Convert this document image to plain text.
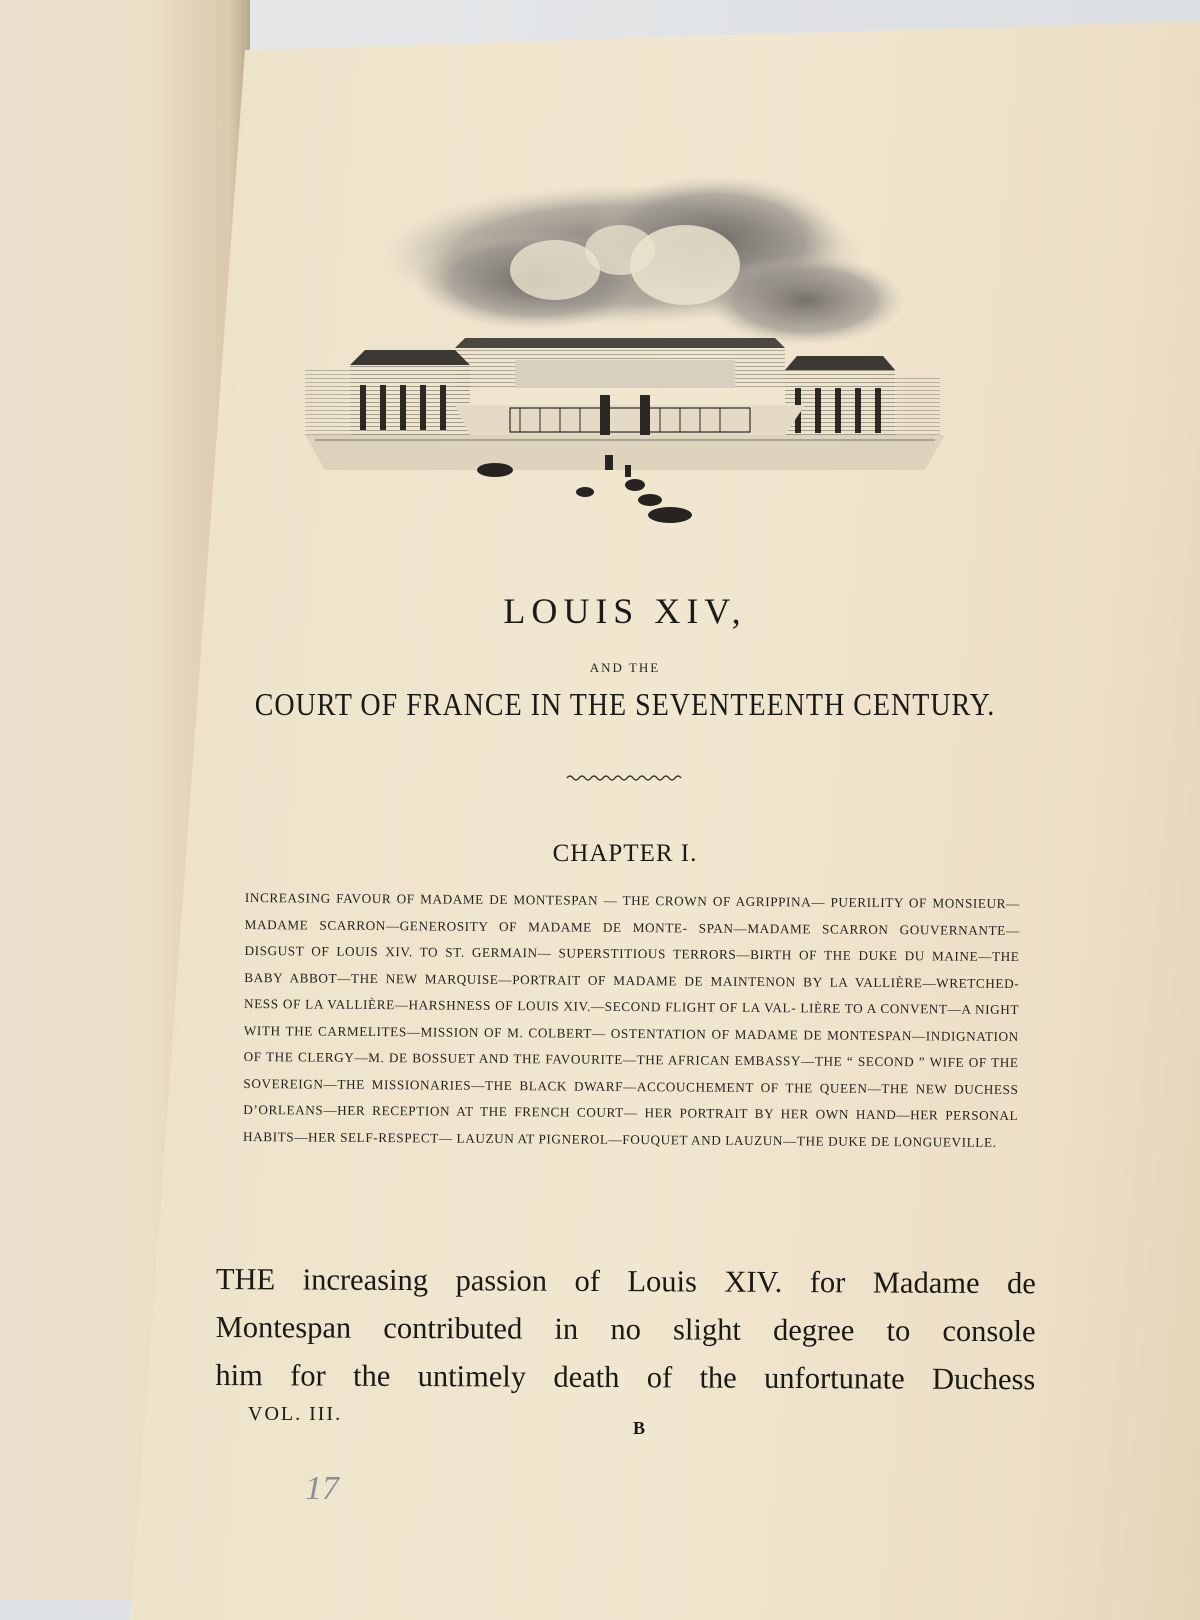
LOUIS XIV,
AND THE
COURT OF FRANCE IN THE SEVENTEENTH CENTURY.
CHAPTER I.
INCREASING FAVOUR OF MADAME DE MONTESPAN — THE CROWN OF AGRIPPINA— PUERILITY OF MONSIEUR—MADAME SCARRON—GENEROSITY OF MADAME DE MONTE- SPAN—MADAME SCARRON GOUVERNANTE—DISGUST OF LOUIS XIV. TO ST. GERMAIN— SUPERSTITIOUS TERRORS—BIRTH OF THE DUKE DU MAINE—THE BABY ABBOT—THE NEW MARQUISE—PORTRAIT OF MADAME DE MAINTENON BY LA VALLIÈRE—WRETCHED- NESS OF LA VALLIÈRE—HARSHNESS OF LOUIS XIV.—SECOND FLIGHT OF LA VAL- LIÈRE TO A CONVENT—A NIGHT WITH THE CARMELITES—MISSION OF M. COLBERT— OSTENTATION OF MADAME DE MONTESPAN—INDIGNATION OF THE CLERGY—M. DE BOSSUET AND THE FAVOURITE—THE AFRICAN EMBASSY—THE “ SECOND ” WIFE OF THE SOVEREIGN—THE MISSIONARIES—THE BLACK DWARF—ACCOUCHEMENT OF THE QUEEN—THE NEW DUCHESS D’ORLEANS—HER RECEPTION AT THE FRENCH COURT— HER PORTRAIT BY HER OWN HAND—HER PERSONAL HABITS—HER SELF-RESPECT— LAUZUN AT PIGNEROL—FOUQUET AND LAUZUN—THE DUKE DE LONGUEVILLE.
THE increasing passion of Louis XIV. for Madame de
Montespan contributed in no slight degree to console
him for the untimely death of the unfortunate Duchess
VOL. III.
B
17
